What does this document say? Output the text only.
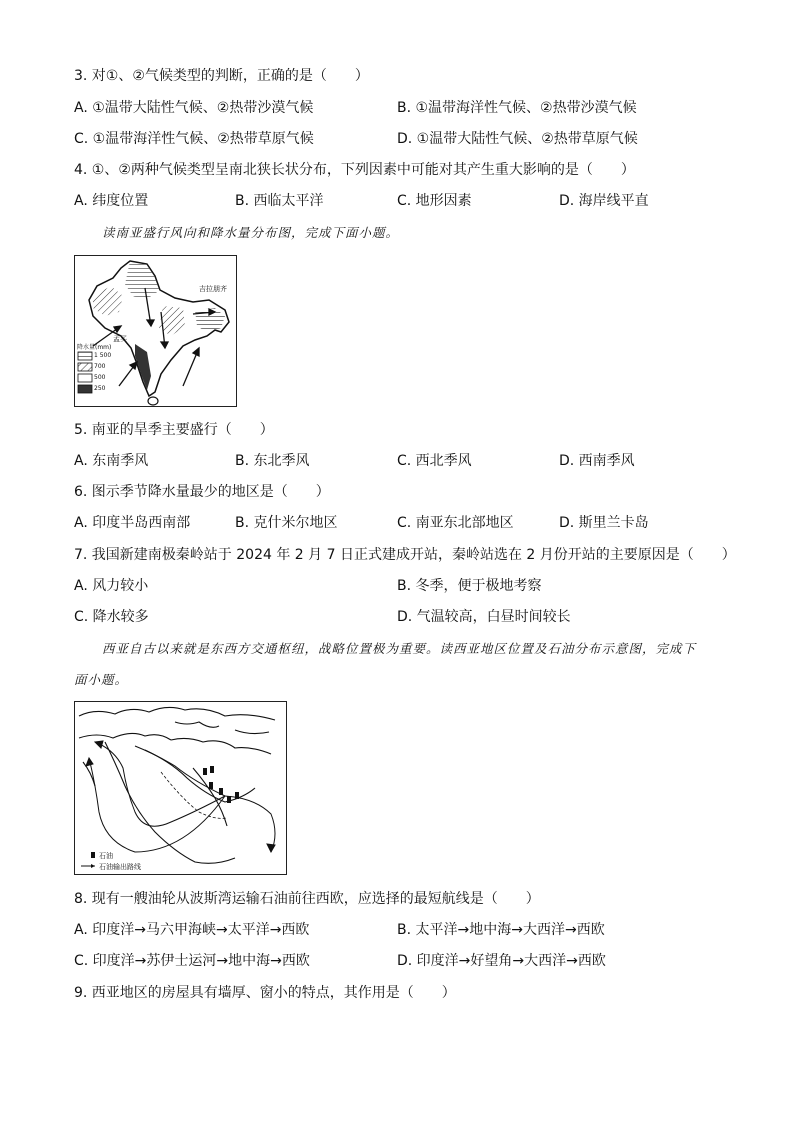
3. 对①、②气候类型的判断，正确的是（　　）
A. ①温带大陆性气候、②热带沙漠气候	B. ①温带海洋性气候、②热带沙漠气候
C. ①温带海洋性气候、②热带草原气候	D. ①温带大陆性气候、②热带草原气候
4. ①、②两种气候类型呈南北狭长状分布，下列因素中可能对其产生重大影响的是（　　）
A. 纬度位置	B. 西临太平洋	C. 地形因素	D. 海岸线平直
读南亚盛行风向和降水量分布图，完成下面小题。
吉拉朋齐
孟买
降水量(mm)
1 500
700
500
250
5. 南亚的旱季主要盛行（　　）
A. 东南季风	B. 东北季风	C. 西北季风	D. 西南季风
6. 图示季节降水量最少的地区是（　　）
A. 印度半岛西南部	B. 克什米尔地区	C. 南亚东北部地区	D. 斯里兰卡岛
7. 我国新建南极秦岭站于 2024 年 2 月 7 日正式建成开站，秦岭站选在 2 月份开站的主要原因是（　　）
A. 风力较小	B. 冬季，便于极地考察
C. 降水较多	D. 气温较高，白昼时间较长
西亚自古以来就是东西方交通枢纽，战略位置极为重要。读西亚地区位置及石油分布示意图，完成下
面小题。
石油
石油输出路线
8. 现有一艘油轮从波斯湾运输石油前往西欧，应选择的最短航线是（　　）
A. 印度洋→马六甲海峡→太平洋→西欧	B. 太平洋→地中海→大西洋→西欧
C. 印度洋→苏伊士运河→地中海→西欧	D. 印度洋→好望角→大西洋→西欧
9. 西亚地区的房屋具有墙厚、窗小的特点，其作用是（　　）
